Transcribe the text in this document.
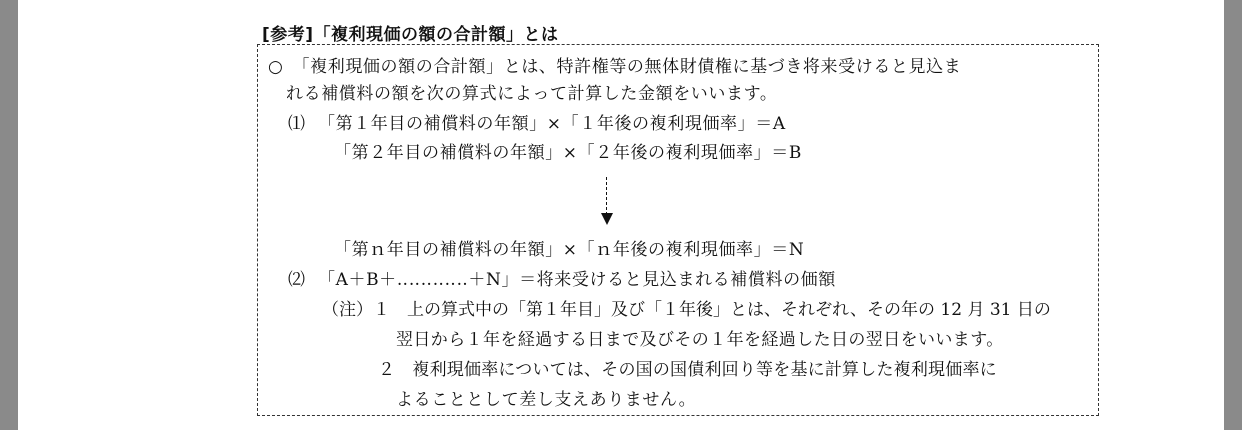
[参考]「複利現価の額の合計額」とは
○　「複利現価の額の合計額」とは、特許権等の無体財債権に基づき将来受けると見込ま
れる補償料の額を次の算式によって計算した金額をいいます。
⑴ 「第１年目の補償料の年額」×「１年後の複利現価率」＝A
「第２年目の補償料の年額」×「２年後の複利現価率」＝B
「第ｎ年目の補償料の年額」×「ｎ年後の複利現価率」＝N
⑵ 「A＋B＋‥‥‥‥‥‥＋N」＝将来受けると見込まれる補償料の価額
（注）１　上の算式中の「第１年目」及び「１年後」とは、それぞれ、その年の 12 月 31 日の
翌日から１年を経過する日まで及びその１年を経過した日の翌日をいいます。
２　複利現価率については、その国の国債利回り等を基に計算した複利現価率に
よることとして差し支えありません。
